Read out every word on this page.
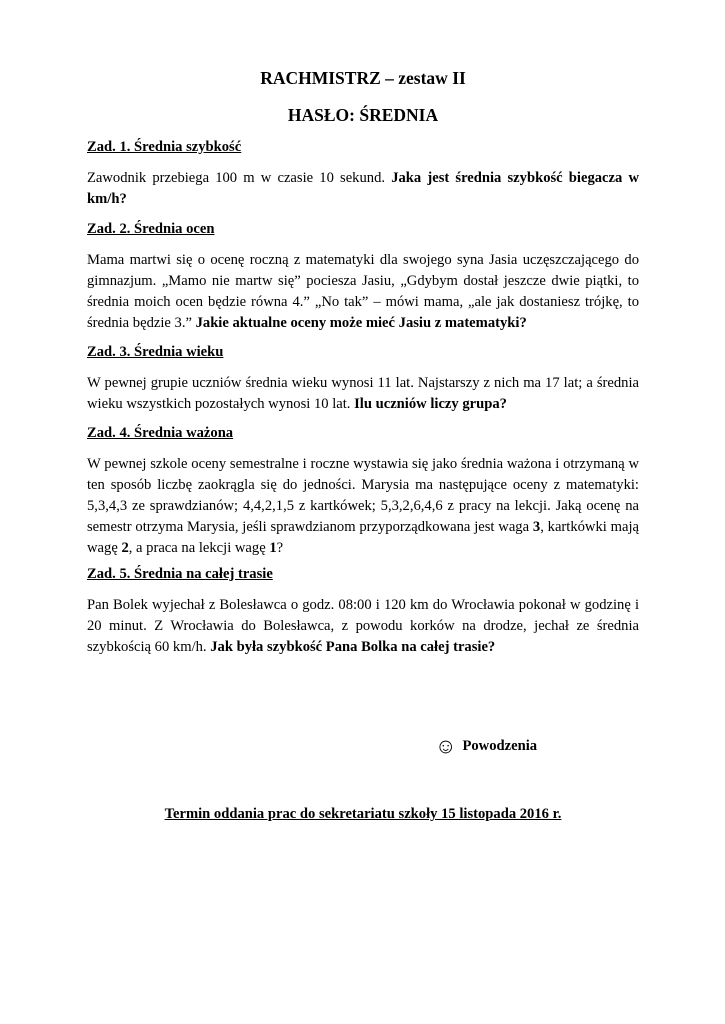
RACHMISTRZ – zestaw II
HASŁO: ŚREDNIA

Zad. 1. Średnia szybkość

Zawodnik przebiega 100 m w czasie 10 sekund. Jaka jest średnia szybkość biegacza w km/h?

Zad. 2. Średnia ocen

Mama martwi się o ocenę roczną z matematyki dla swojego syna Jasia uczęszczającego do gimnazjum. „Mamo nie martw się” pociesza Jasiu, „Gdybym dostał jeszcze dwie piątki, to średnia moich ocen będzie równa 4.” „No tak” – mówi mama, „ale jak dostaniesz trójkę, to średnia będzie 3.” Jakie aktualne oceny może mieć Jasiu z matematyki?

Zad. 3. Średnia wieku

W pewnej grupie uczniów średnia wieku wynosi 11 lat. Najstarszy z nich ma 17 lat; a średnia wieku wszystkich pozostałych wynosi 10 lat. Ilu uczniów liczy grupa?

Zad. 4. Średnia ważona

W pewnej szkole oceny semestralne i roczne wystawia się jako średnia ważona i otrzymaną w ten sposób liczbę zaokrągla się do jedności. Marysia ma następujące oceny z matematyki: 5,3,4,3 ze sprawdzianów; 4,4,2,1,5 z kartkówek; 5,3,2,6,4,6 z pracy na lekcji. Jaką ocenę na semestr otrzyma Marysia, jeśli sprawdzianom przyporządkowana jest waga 3, kartkówki mają wagę 2, a praca na lekcji wagę 1?

Zad. 5. Średnia na całej trasie

Pan Bolek wyjechał z Bolesławca o godz. 08:00 i 120 km do Wrocławia pokonał w godzinę i 20 minut. Z Wrocławia do Bolesławca, z powodu korków na drodze, jechał ze średnia szybkością 60 km/h. Jak była szybkość Pana Bolka na całej trasie?

☺ Powodzenia

Termin oddania prac do sekretariatu szkoły 15 listopada 2016 r.
